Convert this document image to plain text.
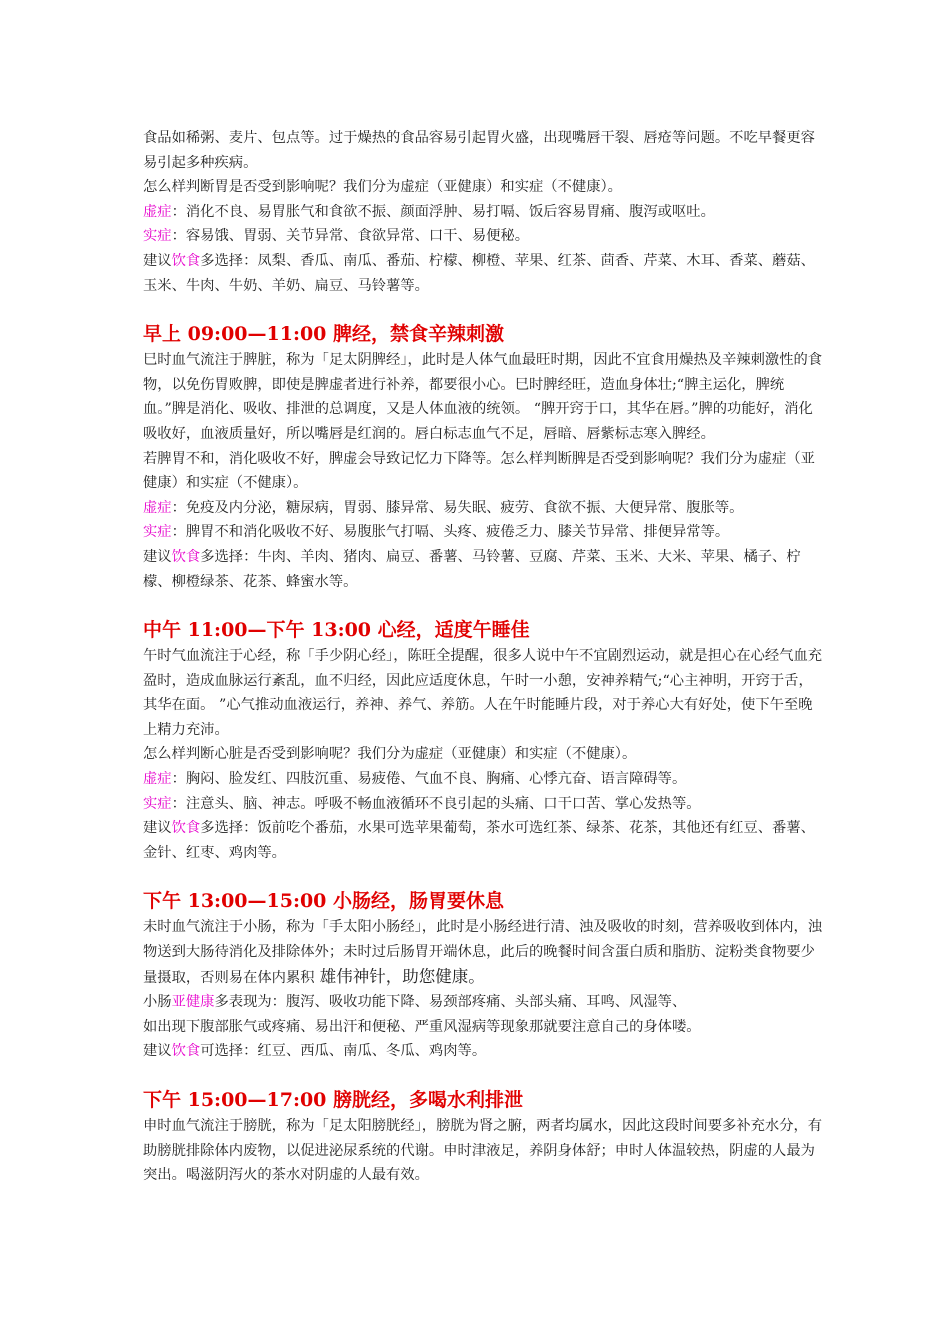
食品如稀粥、麦片、包点等。过于燥热的食品容易引起胃火盛，出现嘴唇干裂、唇疮等问题。不吃早餐更容易引起多种疾病。

怎么样判断胃是否受到影响呢？我们分为虚症（亚健康）和实症（不健康）。

虚症：消化不良、易胃胀气和食欲不振、颜面浮肿、易打嗝、饭后容易胃痛、腹泻或呕吐。

实症：容易饿、胃弱、关节异常、食欲异常、口干、易便秘。

建议饮食多选择：凤梨、香瓜、南瓜、番茄、柠檬、柳橙、苹果、红茶、茴香、芹菜、木耳、香菜、蘑菇、玉米、牛肉、牛奶、羊奶、扁豆、马铃薯等。

早上 09:00—11:00 脾经，禁食辛辣刺激

巳时血气流注于脾脏，称为「足太阴脾经」，此时是人体气血最旺时期，因此不宜食用燥热及辛辣刺激性的食物，以免伤胃败脾，即使是脾虚者进行补养，都要很小心。巳时脾经旺，造血身体壮;“脾主运化，脾统血。”脾是消化、吸收、排泄的总调度，又是人体血液的统领。 “脾开窍于口，其华在唇。”脾的功能好，消化吸收好，血液质量好，所以嘴唇是红润的。唇白标志血气不足，唇暗、唇紫标志寒入脾经。

若脾胃不和，消化吸收不好，脾虚会导致记忆力下降等。怎么样判断脾是否受到影响呢？我们分为虚症（亚健康）和实症（不健康）。

虚症：免疫及内分泌，糖尿病，胃弱、膝异常、易失眠、疲劳、食欲不振、大便异常、腹胀等。

实症：脾胃不和消化吸收不好、易腹胀气打嗝、头疼、疲倦乏力、膝关节异常、排便异常等。

建议饮食多选择：牛肉、羊肉、猪肉、扁豆、番薯、马铃薯、豆腐、芹菜、玉米、大米、苹果、橘子、柠檬、柳橙绿茶、花茶、蜂蜜水等。

中午 11:00—下午 13:00 心经，适度午睡佳

午时气血流注于心经，称「手少阴心经」，陈旺全提醒，很多人说中午不宜剧烈运动，就是担心在心经气血充盈时，造成血脉运行紊乱，血不归经，因此应适度休息，午时一小憩，安神养精气;“心主神明，开窍于舌，其华在面。 ”心气推动血液运行，养神、养气、养筋。人在午时能睡片段，对于养心大有好处，使下午至晚上精力充沛。

怎么样判断心脏是否受到影响呢？我们分为虚症（亚健康）和实症（不健康）。

虚症：胸闷、脸发红、四肢沉重、易疲倦、气血不良、胸痛、心悸亢奋、语言障碍等。

实症：注意头、脑、神志。呼吸不畅血液循环不良引起的头痛、口干口苦、掌心发热等。

建议饮食多选择：饭前吃个番茄，水果可选苹果葡萄，茶水可选红茶、绿茶、花茶，其他还有红豆、番薯、金针、红枣、鸡肉等。

下午 13:00—15:00 小肠经，肠胃要休息

未时血气流注于小肠，称为「手太阳小肠经」，此时是小肠经进行清、浊及吸收的时刻，营养吸收到体内，浊物送到大肠待消化及排除体外；未时过后肠胃开端休息，此后的晚餐时间含蛋白质和脂肪、淀粉类食物要少量摄取，否则易在体内累积 雄伟神针，助您健康。

小肠亚健康多表现为：腹泻、吸收功能下降、易颈部疼痛、头部头痛、耳鸣、风湿等、

如出现下腹部胀气或疼痛、易出汗和便秘、严重风湿病等现象那就要注意自己的身体喽。

建议饮食可选择：红豆、西瓜、南瓜、冬瓜、鸡肉等。

下午 15:00—17:00 膀胱经，多喝水利排泄

申时血气流注于膀胱，称为「足太阳膀胱经」，膀胱为肾之腑，两者均属水，因此这段时间要多补充水分，有助膀胱排除体内废物，以促进泌尿系统的代谢。申时津液足，养阴身体舒；申时人体温较热，阴虚的人最为突出。喝滋阴泻火的茶水对阴虚的人最有效。
